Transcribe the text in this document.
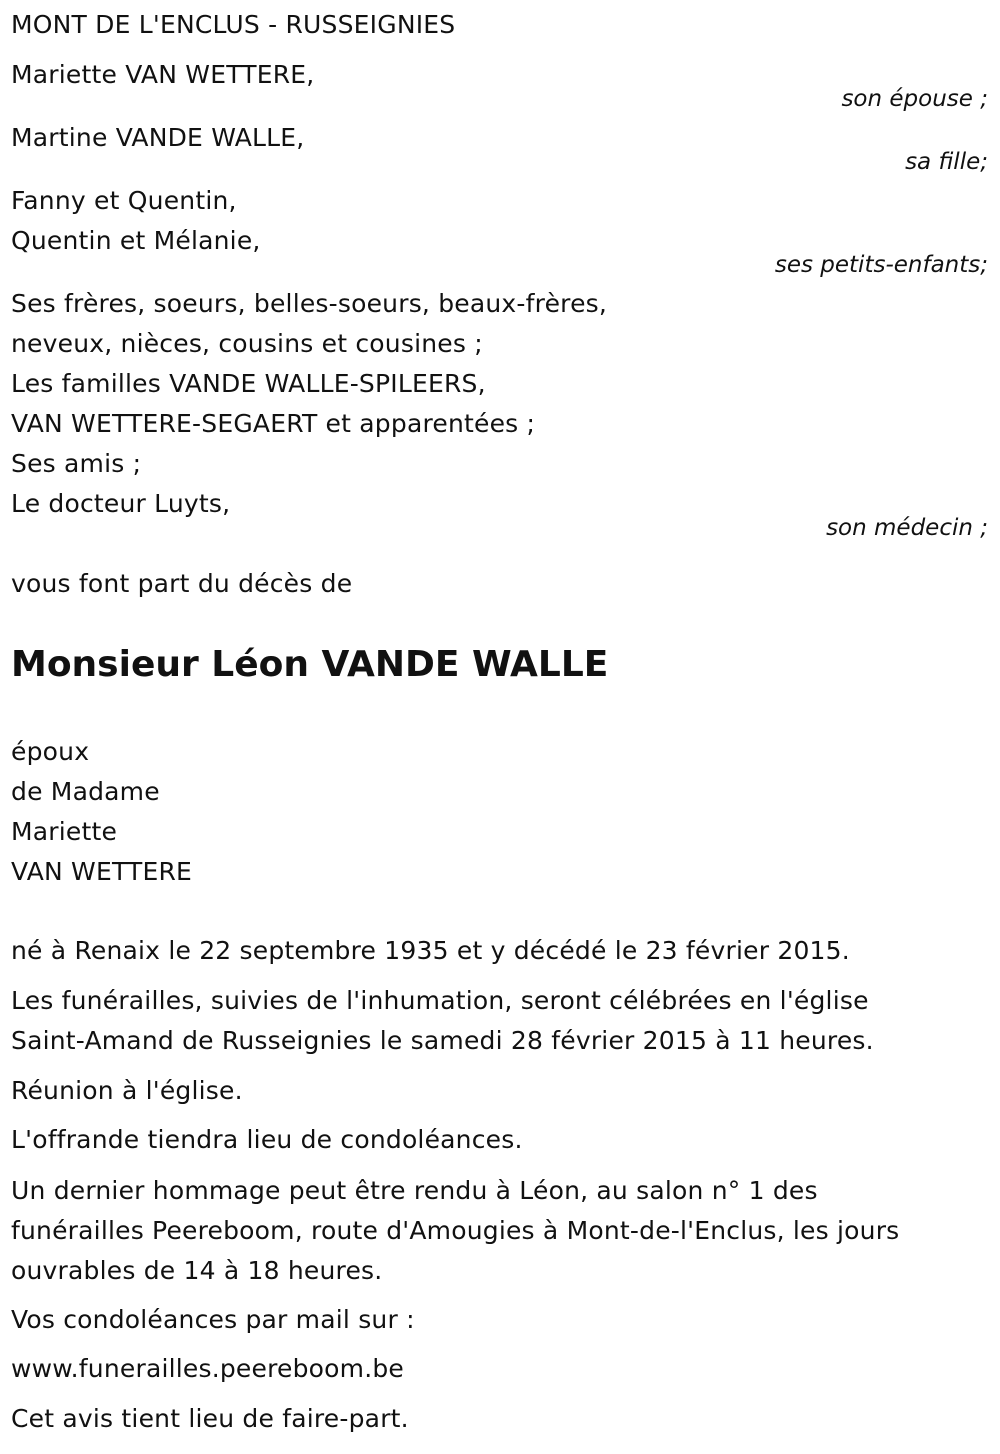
MONT DE L'ENCLUS - RUSSEIGNIES
Mariette VAN WETTERE,
son épouse ;
Martine VANDE WALLE,
sa fille;
Fanny et Quentin,
Quentin et Mélanie,
ses petits-enfants;
Ses frères, soeurs, belles-soeurs, beaux-frères,
neveux, nièces, cousins et cousines ;
Les familles VANDE WALLE-SPILEERS,
VAN WETTERE-SEGAERT et apparentées ;
Ses amis ;
Le docteur Luyts,
son médecin ;
vous font part du décès de
Monsieur Léon VANDE WALLE
époux
de Madame
Mariette
VAN WETTERE
né à Renaix le 22 septembre 1935 et y décédé le 23 février 2015.
Les funérailles, suivies de l'inhumation, seront célébrées en l'église
Saint-Amand de Russeignies le samedi 28 février 2015 à 11 heures.
Réunion à l'église.
L'offrande tiendra lieu de condoléances.
Un dernier hommage peut être rendu à Léon, au salon n° 1 des
funérailles Peereboom, route d'Amougies à Mont-de-l'Enclus, les jours
ouvrables de 14 à 18 heures.
Vos condoléances par mail sur :
www.funerailles.peereboom.be
Cet avis tient lieu de faire-part.
